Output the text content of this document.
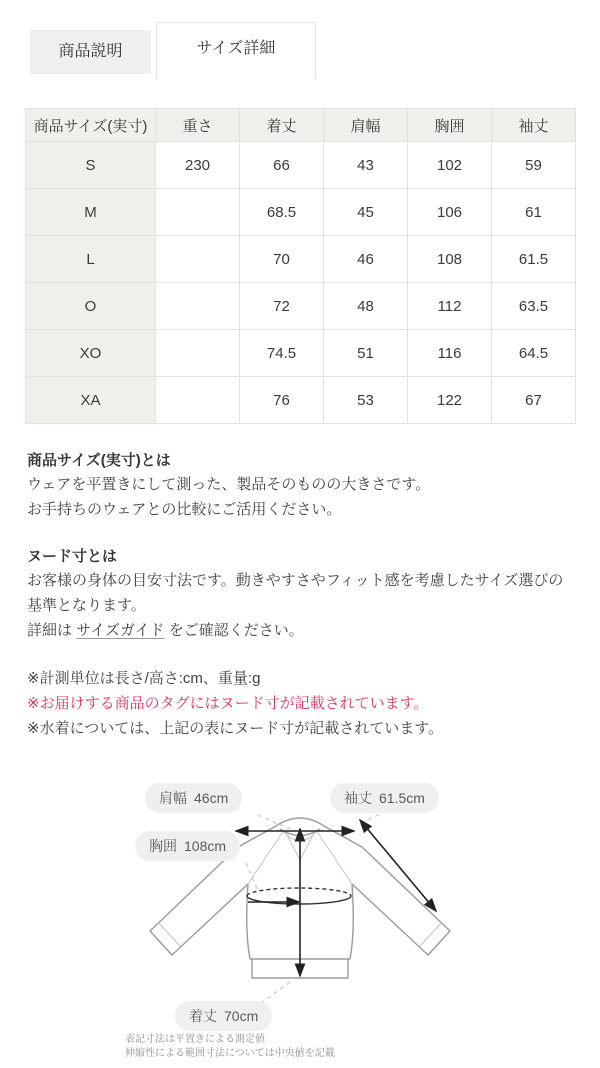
商品説明	サイズ詳細
商品サイズ(実寸)	重さ	着丈	肩幅	胸囲	袖丈
S	230	66	43	102	59
M		68.5	45	106	61
L		70	46	108	61.5
O		72	48	112	63.5
XO		74.5	51	116	64.5
XA		76	53	122	67
商品サイズ(実寸)とは

ウェアを平置きにして測った、製品そのものの大きさです。

お手持ちのウェアとの比較にご活用ください。

ヌード寸とは

お客様の身体の目安寸法です。動きやすさやフィット感を考慮したサイズ選びの基準となります。

詳細は サイズガイド をご確認ください。

※計測単位は長さ/高さ:cm、重量:g

※お届けする商品のタグにはヌード寸が記載されています。

※水着については、上記の表にヌード寸が記載されています。

肩幅 46cm	袖丈 61.5cm
胸囲 108cm
着丈 70cm
表記寸法は平置きによる測定値
伸縮性による範囲寸法については中央値を記載
